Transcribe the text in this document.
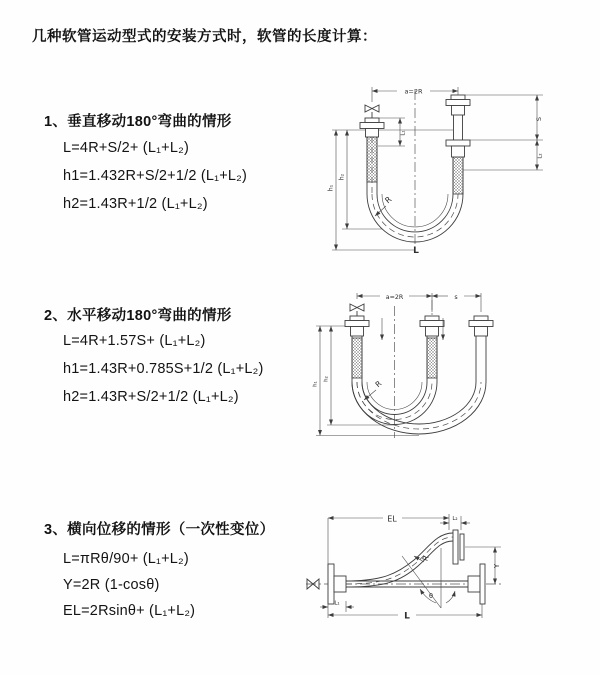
几种软管运动型式的安装方式时，软管的长度计算：
1、垂直移动180°弯曲的情形
L=4R+S/2+ (L₁+L₂)
h1=1.432R+S/2+1/2 (L₁+L₂)
h2=1.43R+1/2 (L₁+L₂)
2、水平移动180°弯曲的情形
L=4R+1.57S+ (L₁+L₂)
h1=1.43R+0.785S+1/2 (L₁+L₂)
h2=1.43R+S/2+1/2 (L₁+L₂)
3、横向位移的情形（一次性变位）
L=πRθ/90+ (L₁+L₂)
Y=2R (1-cosθ)
EL=2Rsinθ+ (L₁+L₂)
a=2R
S
L₂
L₁
h₁
h₂
R
L
a=2R	s
h₁
h₂	R
θ
EL	L₂
Y
L
L₁
R
